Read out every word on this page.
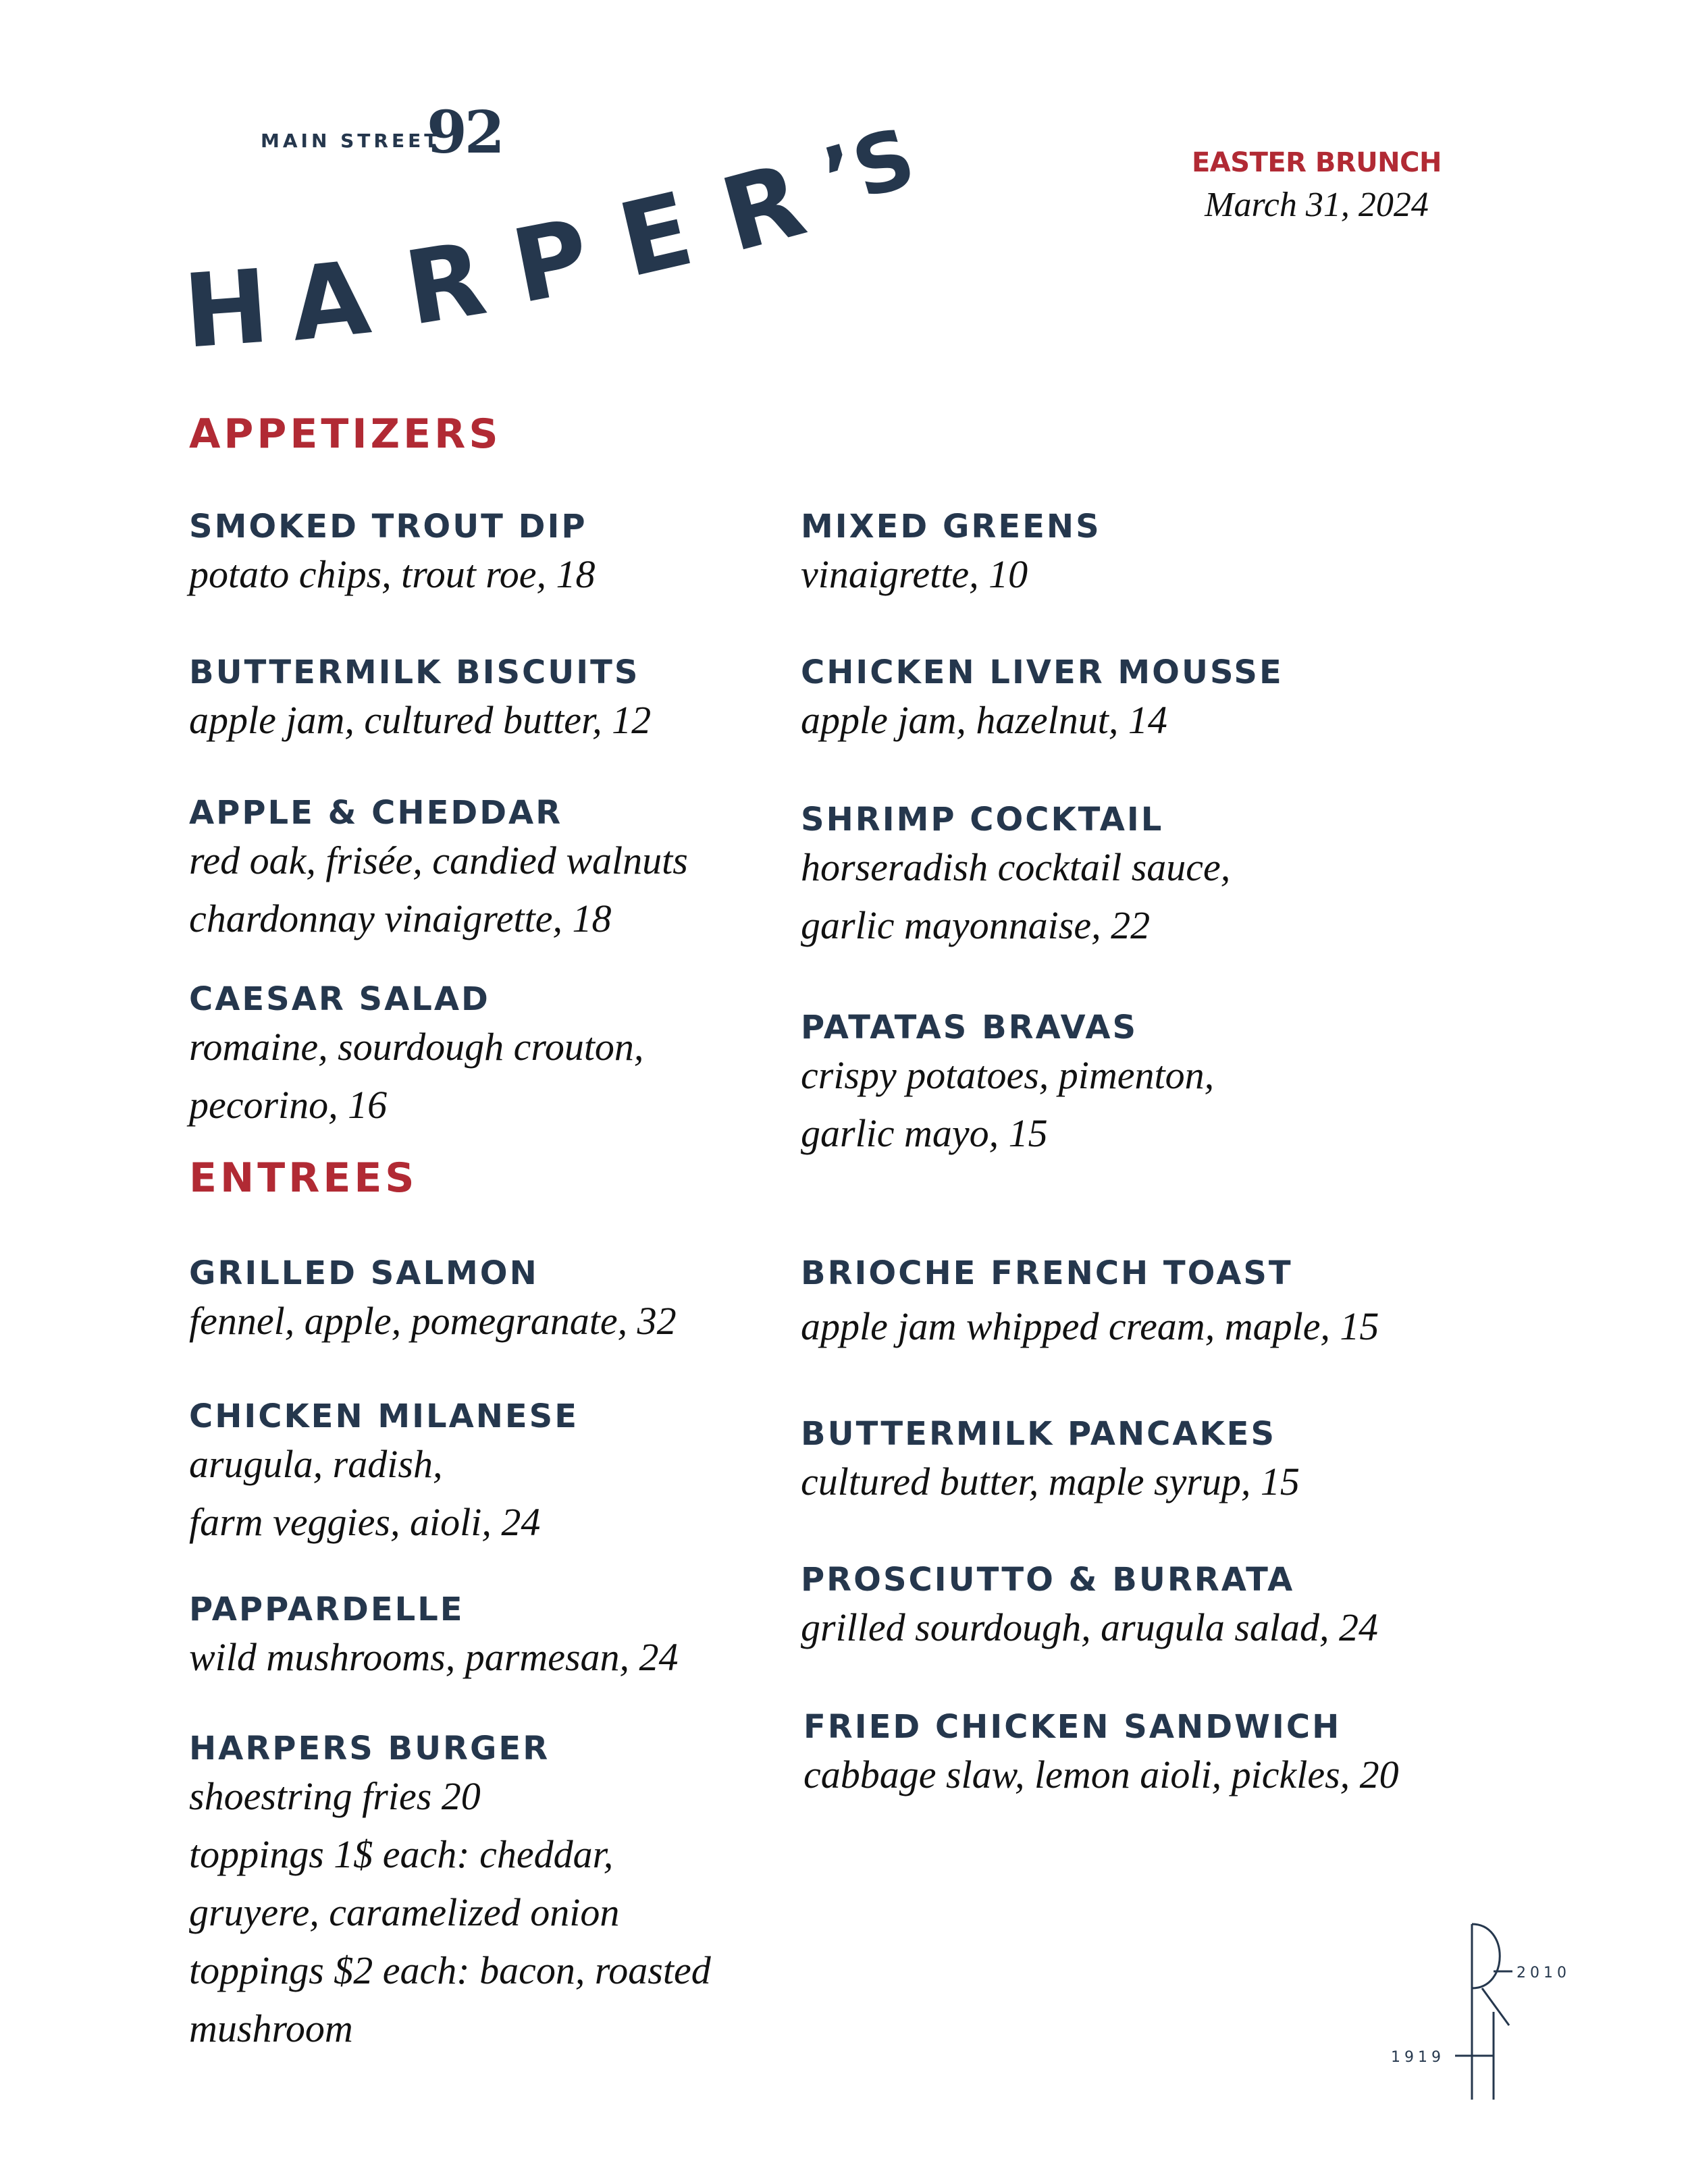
MAIN STREET
92
H A R P E R
’S	EASTER BRUNCH
March 31, 2024
APPETIZERS

SMOKED TROUT DIP

potato chips, trout roe, 18

BUTTERMILK BISCUITS

apple jam, cultured butter, 12

APPLE & CHEDDAR

red oak, frisée, candied walnuts

chardonnay vinaigrette, 18

CAESAR SALAD

romaine, sourdough crouton,

pecorino, 16

MIXED GREENS

vinaigrette, 10

CHICKEN LIVER MOUSSE

apple jam, hazelnut, 14

SHRIMP COCKTAIL

horseradish cocktail sauce,

garlic mayonnaise, 22

PATATAS BRAVAS

crispy potatoes, pimenton,

garlic mayo, 15

ENTREES

GRILLED SALMON

fennel, apple, pomegranate, 32

CHICKEN MILANESE

arugula, radish,

farm veggies, aioli, 24

PAPPARDELLE

wild mushrooms, parmesan, 24

HARPERS BURGER

shoestring fries 20

toppings 1$ each: cheddar,

gruyere, caramelized onion

toppings $2 each: bacon, roasted

mushroom

BRIOCHE FRENCH TOAST

apple jam whipped cream, maple, 15

BUTTERMILK PANCAKES

cultured butter, maple syrup, 15

PROSCIUTTO & BURRATA

grilled sourdough, arugula salad, 24

FRIED CHICKEN SANDWICH

cabbage slaw, lemon aioli, pickles, 20

2010
1919
